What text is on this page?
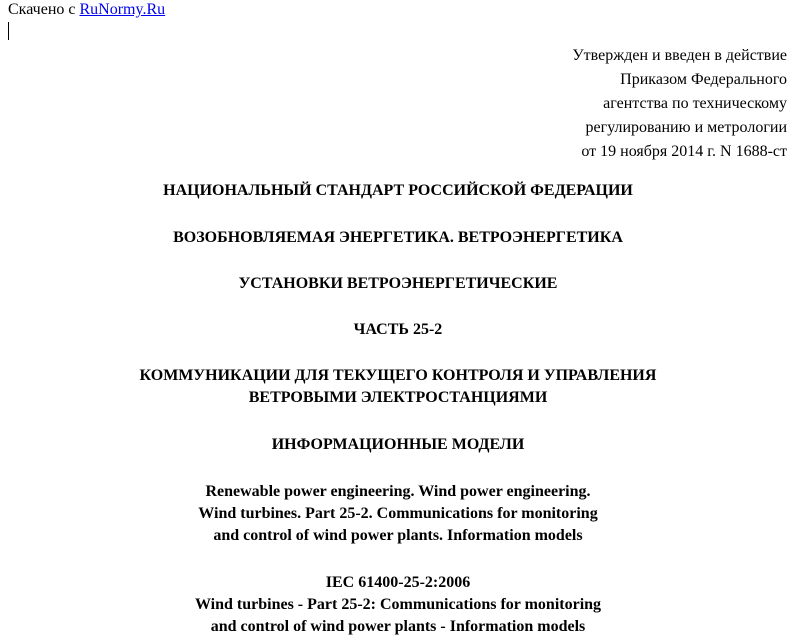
Скачено с RuNormy.Ru
Утвержден и введен в действие
Приказом Федерального
агентства по техническому
регулированию и метрологии
от 19 ноября 2014 г. N 1688-ст
НАЦИОНАЛЬНЫЙ СТАНДАРТ РОССИЙСКОЙ ФЕДЕРАЦИИ
ВОЗОБНОВЛЯЕМАЯ ЭНЕРГЕТИКА. ВЕТРОЭНЕРГЕТИКА
УСТАНОВКИ ВЕТРОЭНЕРГЕТИЧЕСКИЕ
ЧАСТЬ 25-2
КОММУНИКАЦИИ ДЛЯ ТЕКУЩЕГО КОНТРОЛЯ И УПРАВЛЕНИЯ
ВЕТРОВЫМИ ЭЛЕКТРОСТАНЦИЯМИ
ИНФОРМАЦИОННЫЕ МОДЕЛИ
Renewable power engineering. Wind power engineering.
Wind turbines. Part 25-2. Communications for monitoring
and control of wind power plants. Information models
IEC 61400-25-2:2006
Wind turbines - Part 25-2: Communications for monitoring
and control of wind power plants - Information models
